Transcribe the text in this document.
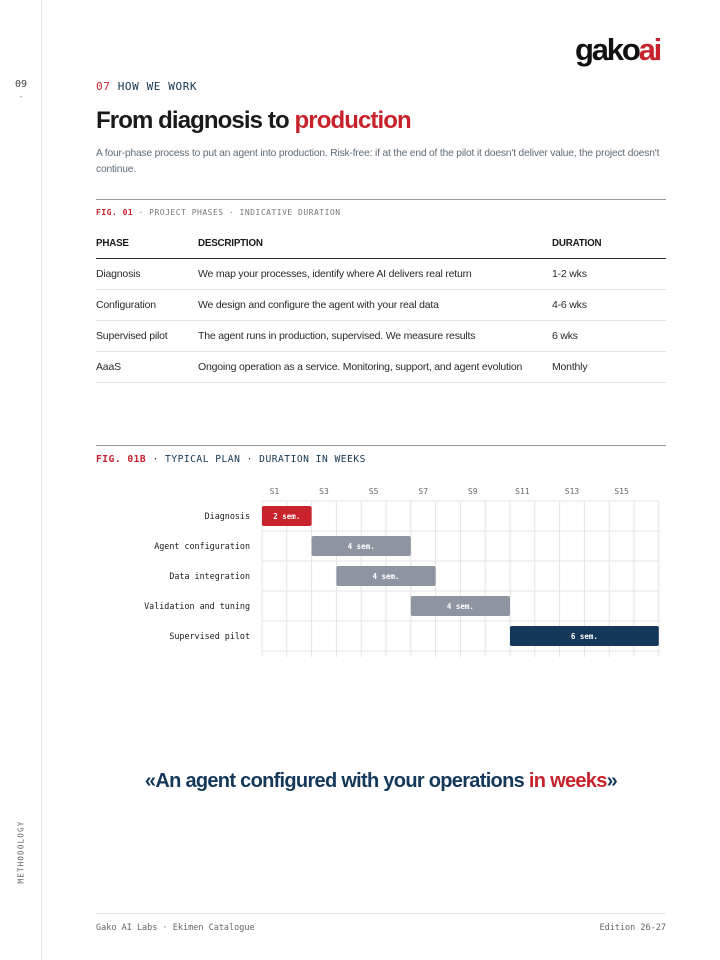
09
-
METHODOLOGY
gakoai
07 HOW WE WORK
From diagnosis to production

A four-phase process to put an agent into production. Risk-free: if at the end of the pilot it doesn't deliver value, the project doesn't continue.

FIG. 01 · PROJECT PHASES · INDICATIVE DURATION
PHASE	DESCRIPTION	DURATION
Diagnosis	We map your processes, identify where AI delivers real return	1-2 wks
Configuration	We design and configure the agent with your real data	4-6 wks
Supervised pilot	The agent runs in production, supervised. We measure results	6 wks
AaaS	Ongoing operation as a service. Monitoring, support, and agent evolution	Monthly
FIG. 01B · TYPICAL PLAN · DURATION IN WEEKS
S1	S3	S5	S7	S9	S11	S13	S15
Diagnosis	2 sem.
Agent configuration	4 sem.
Data integration	4 sem.
Validation and tuning	4 sem.
Supervised pilot	6 sem.
«An agent configured with your operations in weeks»
Gako AI Labs · Ekimen Catalogue	Edition 26-27
